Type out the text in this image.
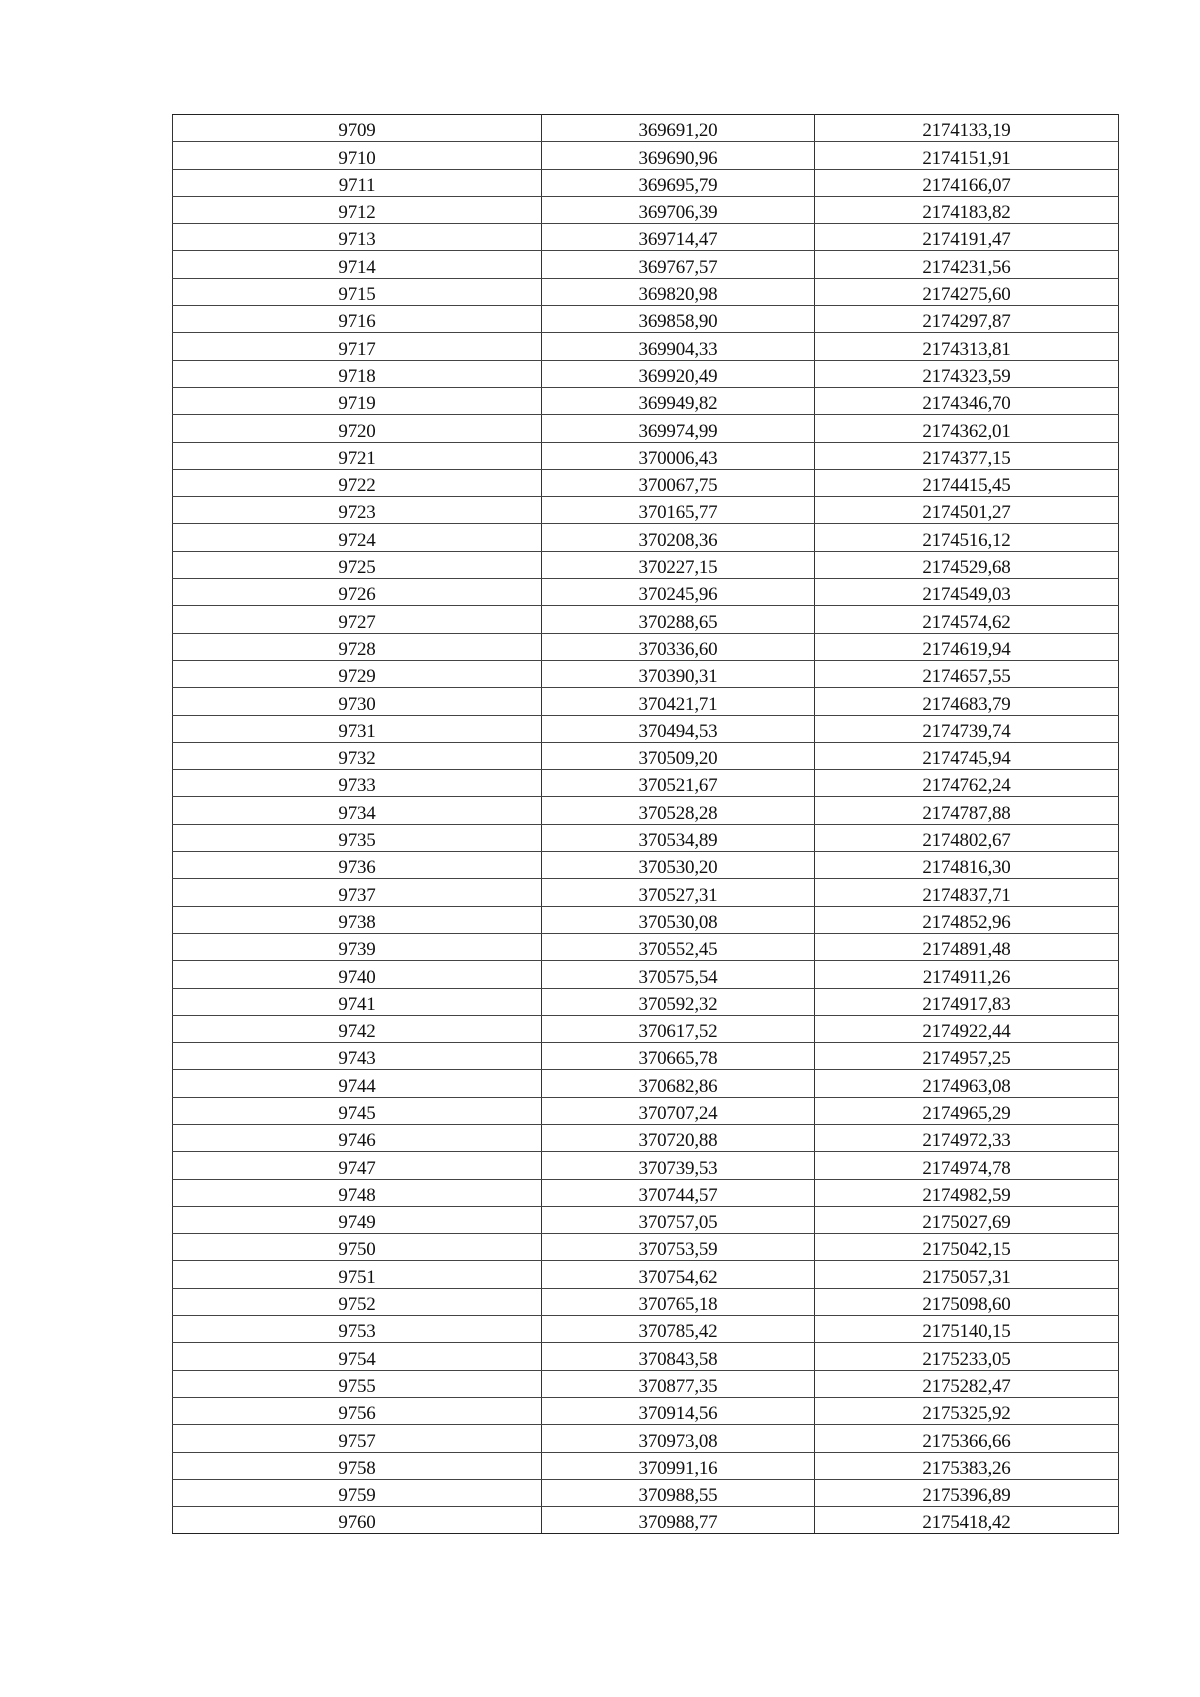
9709	369691,20	2174133,19
9710	369690,96	2174151,91
9711	369695,79	2174166,07
9712	369706,39	2174183,82
9713	369714,47	2174191,47
9714	369767,57	2174231,56
9715	369820,98	2174275,60
9716	369858,90	2174297,87
9717	369904,33	2174313,81
9718	369920,49	2174323,59
9719	369949,82	2174346,70
9720	369974,99	2174362,01
9721	370006,43	2174377,15
9722	370067,75	2174415,45
9723	370165,77	2174501,27
9724	370208,36	2174516,12
9725	370227,15	2174529,68
9726	370245,96	2174549,03
9727	370288,65	2174574,62
9728	370336,60	2174619,94
9729	370390,31	2174657,55
9730	370421,71	2174683,79
9731	370494,53	2174739,74
9732	370509,20	2174745,94
9733	370521,67	2174762,24
9734	370528,28	2174787,88
9735	370534,89	2174802,67
9736	370530,20	2174816,30
9737	370527,31	2174837,71
9738	370530,08	2174852,96
9739	370552,45	2174891,48
9740	370575,54	2174911,26
9741	370592,32	2174917,83
9742	370617,52	2174922,44
9743	370665,78	2174957,25
9744	370682,86	2174963,08
9745	370707,24	2174965,29
9746	370720,88	2174972,33
9747	370739,53	2174974,78
9748	370744,57	2174982,59
9749	370757,05	2175027,69
9750	370753,59	2175042,15
9751	370754,62	2175057,31
9752	370765,18	2175098,60
9753	370785,42	2175140,15
9754	370843,58	2175233,05
9755	370877,35	2175282,47
9756	370914,56	2175325,92
9757	370973,08	2175366,66
9758	370991,16	2175383,26
9759	370988,55	2175396,89
9760	370988,77	2175418,42
